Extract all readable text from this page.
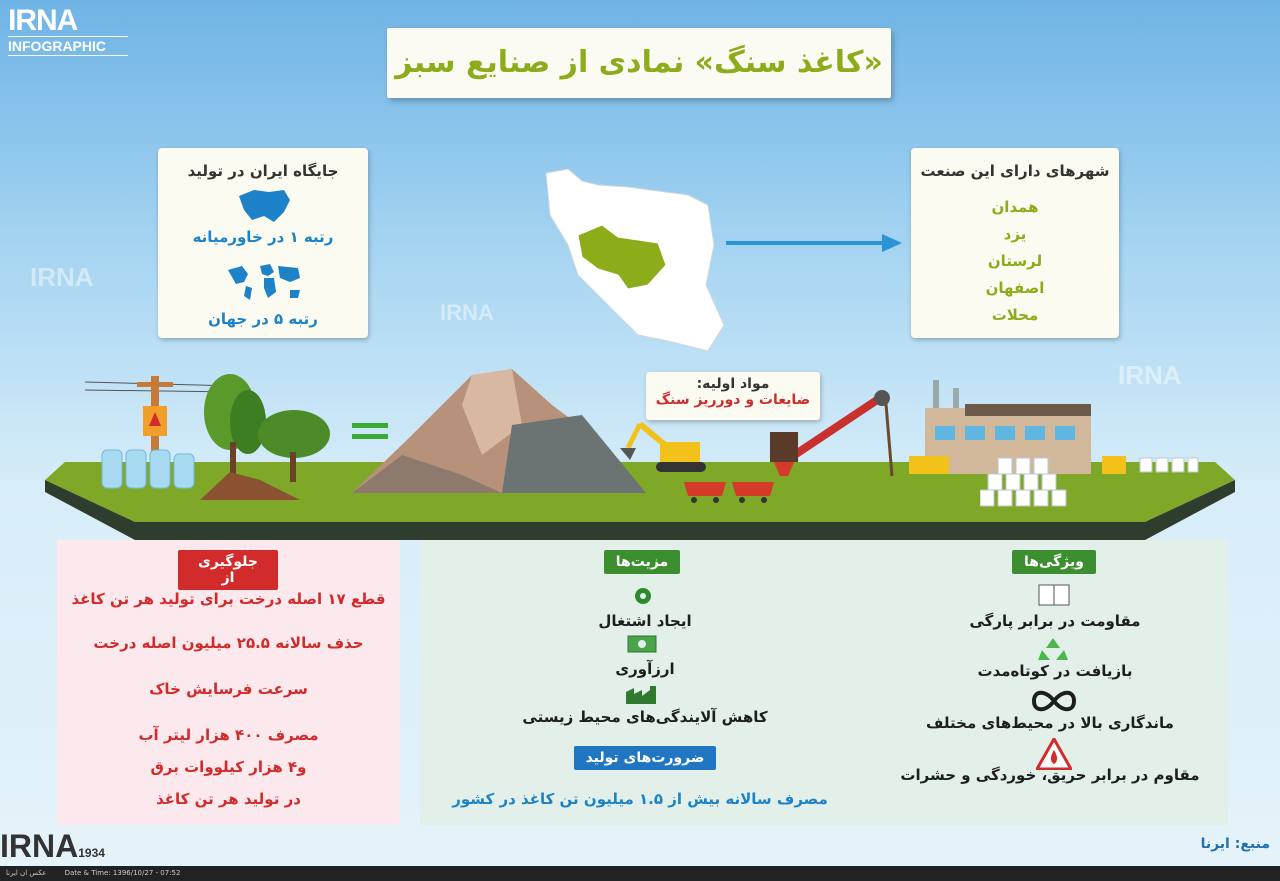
IRNA
IRNA
IRNA
IRNA
INFOGRAPHIC	«کاغذ سنگ» نمادی از صنایع سبز
جایگاه ایران در تولید
رتبه ۱ در خاورمیانه
رتبه ۵ در جهان
شهرهای دارای این صنعت
همدان
یزد
لرستان
اصفهان
محلات
مواد اولیه:
ضایعات و دورریز سنگ
جلوگیری از
قطع ۱۷ اصله درخت برای تولید هر تن کاغذ
حذف سالانه ۲۵.۵ میلیون اصله درخت
سرعت فرسایش خاک
مصرف ۴۰۰ هزار لیتر آب
و۴ هزار کیلووات برق
در تولید هر تن کاغذ
مزیت‌ها
ایجاد اشتغال
ارزآوری
کاهش آلایندگی‌های محیط زیستی
ضرورت‌های تولید
مصرف سالانه بیش از ۱.۵ میلیون تن کاغذ در کشور
ویژگی‌ها
مقاومت در برابر پارگی
بازیافت در کوتاه‌مدت
ماندگاری بالا در محیط‌های مختلف
مقاوم در برابر حریق، خوردگی و حشرات
IRNA1934
منبع: ایرنا
عکس ان ایرنا	Date & Time: 1396/10/27 - 07:52
